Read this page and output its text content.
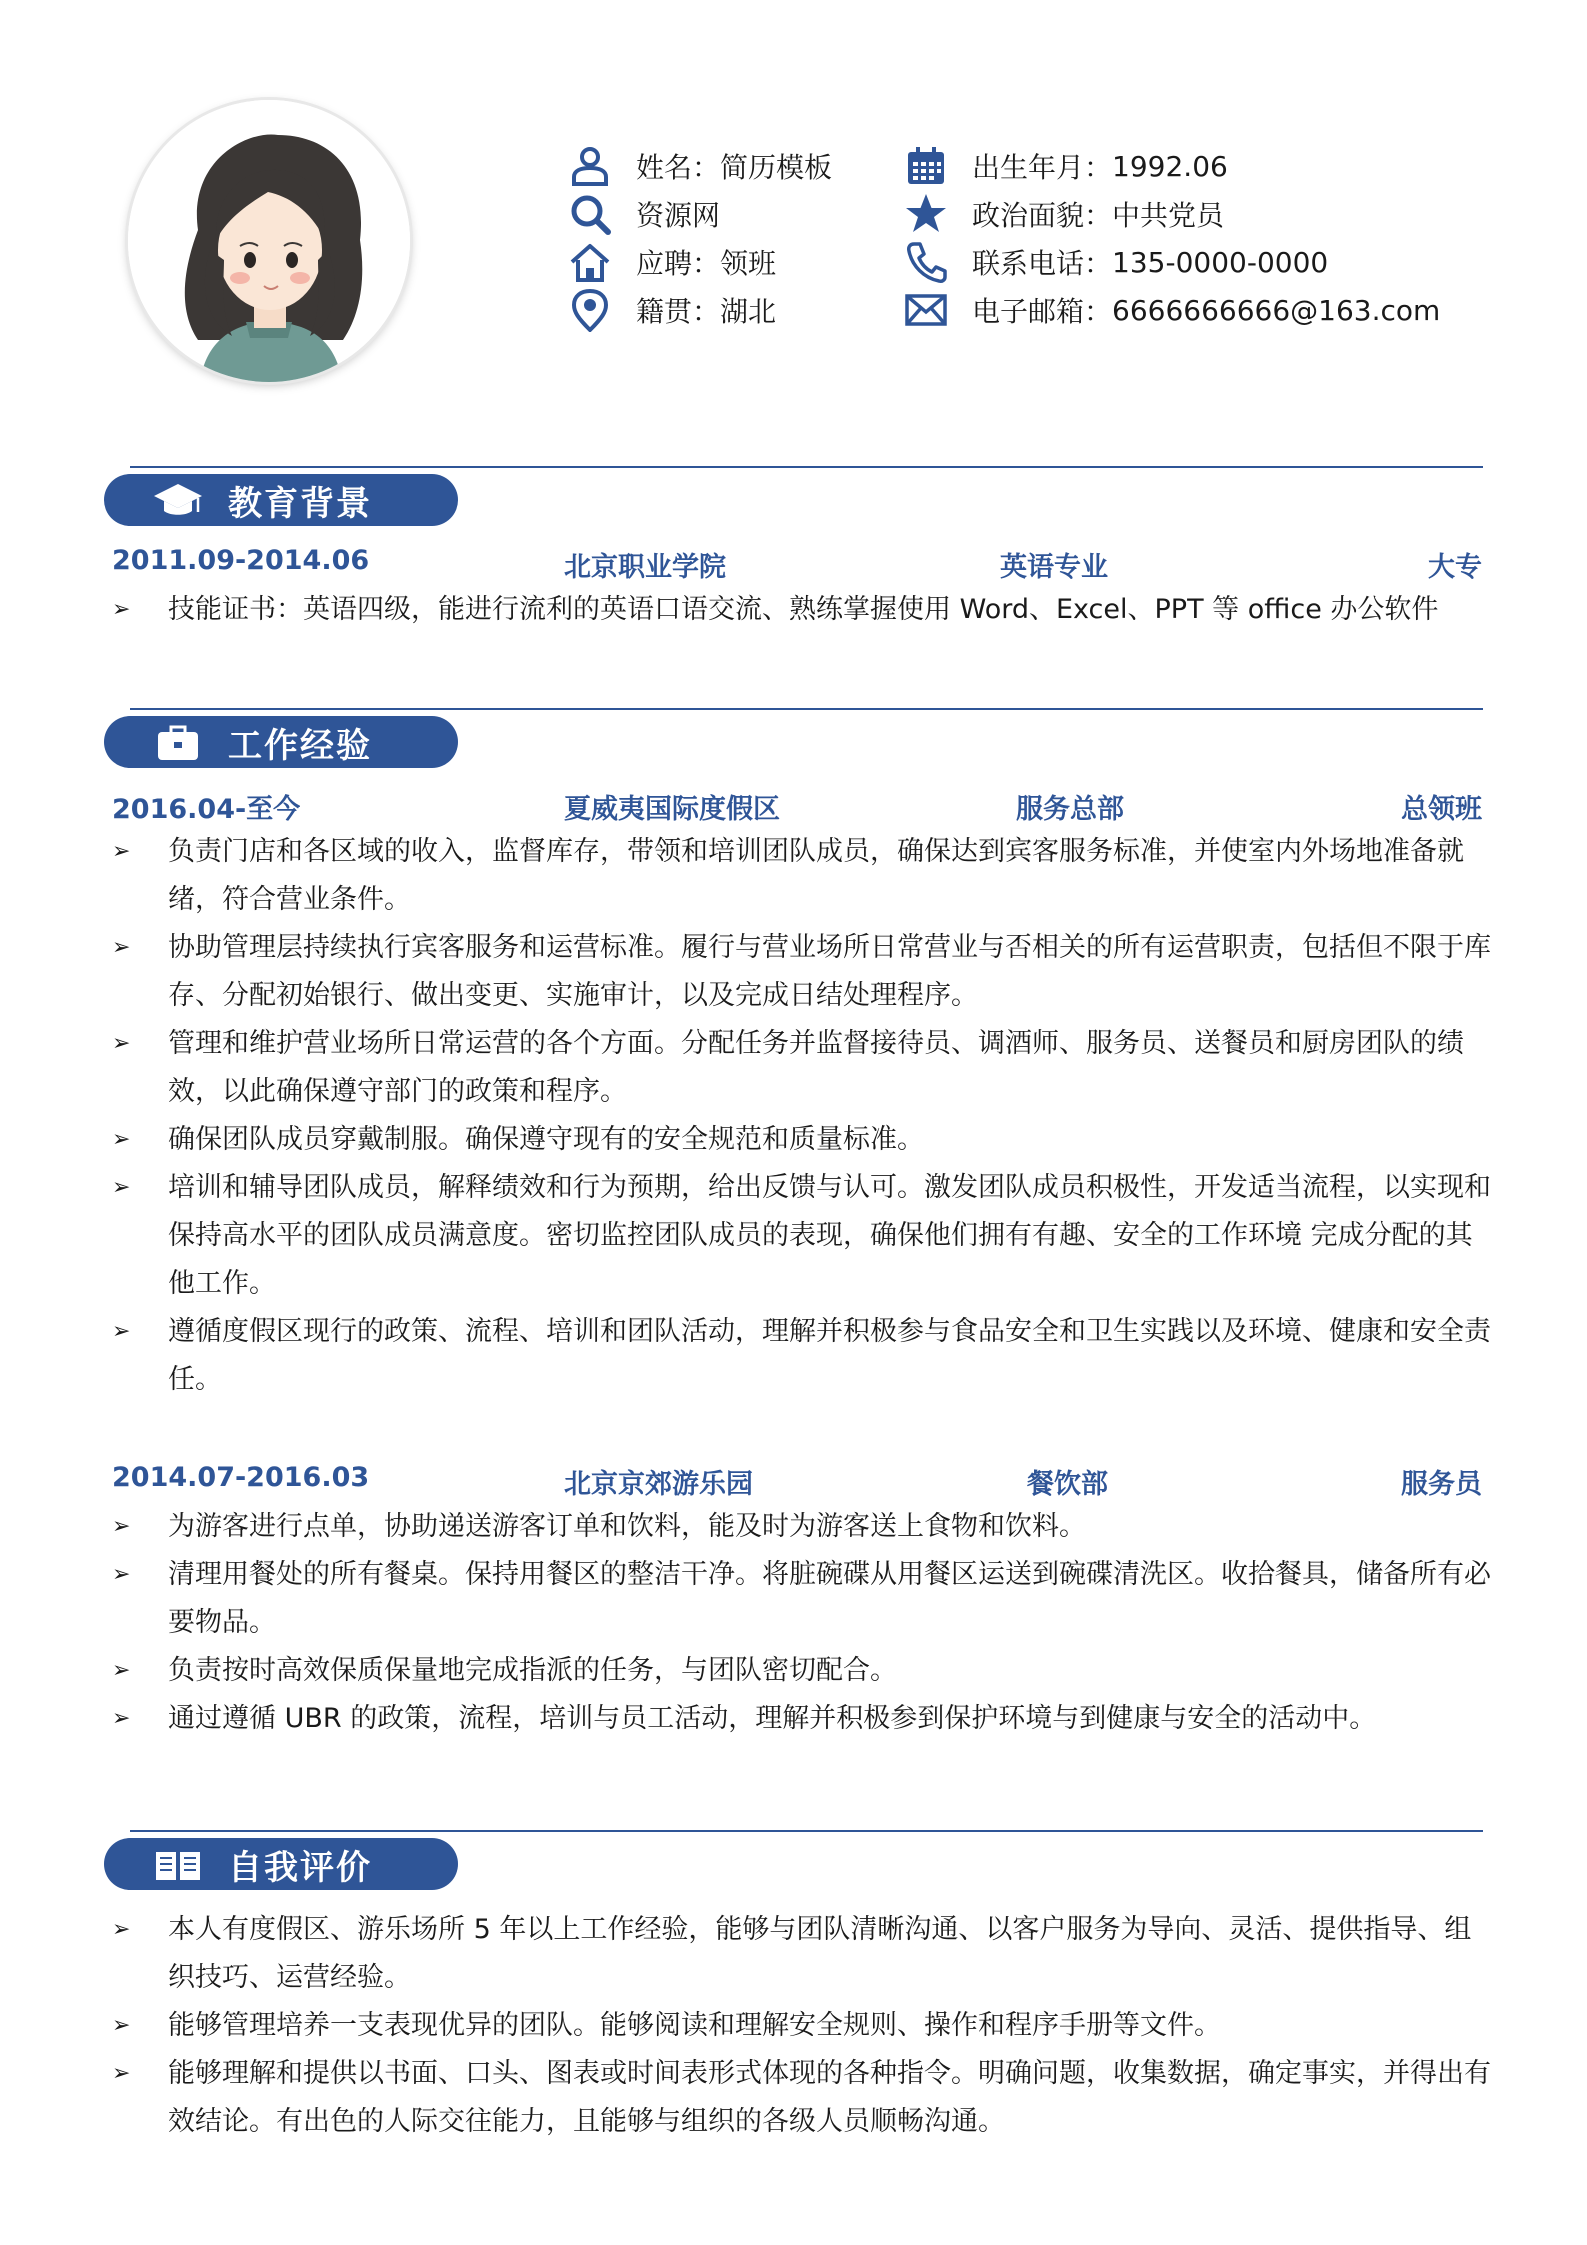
姓名 ： 简历模板
资源网
应聘 ： 领班
籍贯 ： 湖北
出生年月 ： 1992.06
政治面貌 ： 中共党员
联系电话 ： 135-0000-0000
电子邮箱 ： 6666666666@163.com
教育背景
2011.09-2014.06	北京职业学院	英语专业	大专
➢	技能证书：英语四级，能进行流利的英语口语交流、熟练掌握使用 Word、Excel、PPT 等 office 办公软件
工作经验
2016.04-至今	夏威夷国际度假区	服务总部	总领班
➢	负责门店和各区域的收入，监督库存，带领和培训团队成员，确保达到宾客服务标准，并使室内外场地准备就绪，符合营业条件。
➢	协助管理层持续执行宾客服务和运营标准。履行与营业场所日常营业与否相关的所有运营职责，包括但不限于库存、分配初始银行、做出变更、实施审计，以及完成日结处理程序。
➢	管理和维护营业场所日常运营的各个方面。分配任务并监督接待员、调酒师、服务员、送餐员和厨房团队的绩效，以此确保遵守部门的政策和程序。
➢	确保团队成员穿戴制服。确保遵守现有的安全规范和质量标准。
➢	培训和辅导团队成员，解释绩效和行为预期，给出反馈与认可。激发团队成员积极性，开发适当流程，以实现和保持高水平的团队成员满意度。密切监控团队成员的表现，确保他们拥有有趣、安全的工作环境 完成分配的其他工作。
➢	遵循度假区现行的政策、流程、培训和团队活动，理解并积极参与食品安全和卫生实践以及环境、健康和安全责任。
2014.07-2016.03	北京京郊游乐园	餐饮部	服务员
➢	为游客进行点单，协助递送游客订单和饮料，能及时为游客送上食物和饮料。
➢	清理用餐处的所有餐桌。保持用餐区的整洁干净。将脏碗碟从用餐区运送到碗碟清洗区。收拾餐具，储备所有必要物品。
➢	负责按时高效保质保量地完成指派的任务，与团队密切配合。
➢	通过遵循 UBR 的政策，流程，培训与员工活动，理解并积极参到保护环境与到健康与安全的活动中。
自我评价
➢	本人有度假区、游乐场所 5 年以上工作经验，能够与团队清晰沟通、以客户服务为导向、灵活、提供指导、组织技巧、运营经验。
➢	能够管理培养一支表现优异的团队。能够阅读和理解安全规则、操作和程序手册等文件。
➢	能够理解和提供以书面、口头、图表或时间表形式体现的各种指令。明确问题，收集数据，确定事实，并得出有效结论。有出色的人际交往能力，且能够与组织的各级人员顺畅沟通。
